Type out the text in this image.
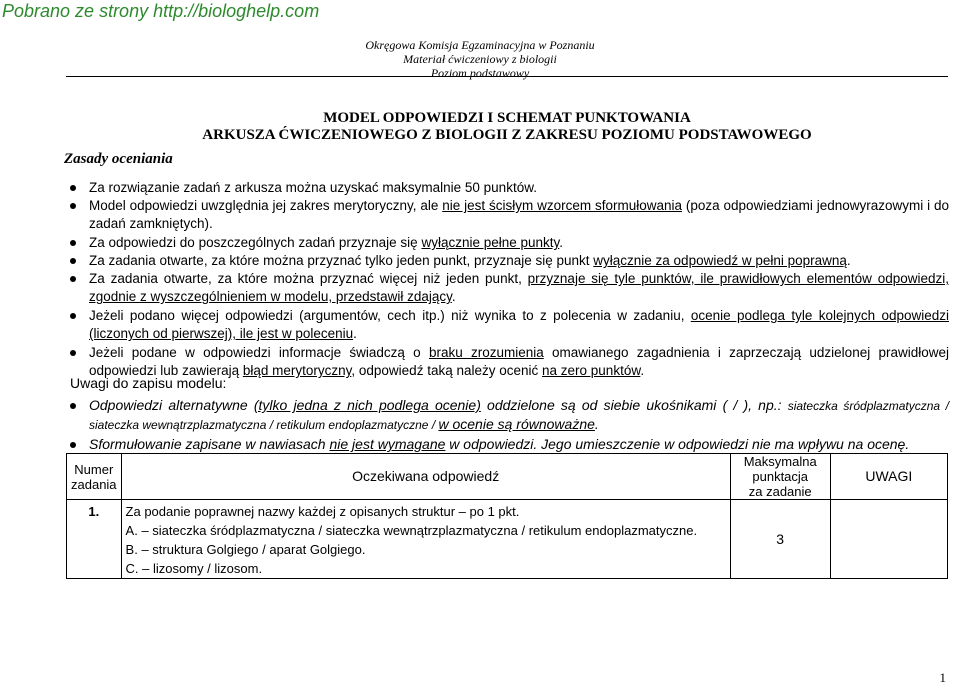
Pobrano ze strony http://biologhelp.com
Okręgowa Komisja Egzaminacyjna w Poznaniu
Materiał ćwiczeniowy z biologii
Poziom podstawowy
MODEL ODPOWIEDZI I SCHEMAT PUNKTOWANIA
ARKUSZA ĆWICZENIOWEGO Z BIOLOGII Z ZAKRESU POZIOMU PODSTAWOWEGO
Zasady oceniania
Za rozwiązanie zadań z arkusza można uzyskać maksymalnie 50 punktów.
Model odpowiedzi uwzględnia jej zakres merytoryczny, ale nie jest ścisłym wzorcem sformułowania (poza odpowiedziami jednowyrazowymi i do zadań zamkniętych).
Za odpowiedzi do poszczególnych zadań przyznaje się wyłącznie pełne punkty.
Za zadania otwarte, za które można przyznać tylko jeden punkt, przyznaje się punkt wyłącznie za odpowiedź w pełni poprawną.
Za zadania otwarte, za które można przyznać więcej niż jeden punkt, przyznaje się tyle punktów, ile prawidłowych elementów odpowiedzi, zgodnie z wyszczególnieniem w modelu, przedstawił zdający.
Jeżeli podano więcej odpowiedzi (argumentów, cech itp.) niż wynika to z polecenia w zadaniu, ocenie podlega tyle kolejnych odpowiedzi (liczonych od pierwszej), ile jest w poleceniu.
Jeżeli podane w odpowiedzi informacje świadczą o braku zrozumienia omawianego zagadnienia i zaprzeczają udzielonej prawidłowej odpowiedzi lub zawierają błąd merytoryczny, odpowiedź taką należy ocenić na zero punktów.
Uwagi do zapisu modelu:
Odpowiedzi alternatywne (tylko jedna z nich podlega ocenie) oddzielone są od siebie ukośnikami ( / ), np.: siateczka śródplazmatyczna / siateczka wewnątrzplazmatyczna / retikulum endoplazmatyczne / w ocenie są równoważne.
Sformułowanie zapisane w nawiasach nie jest wymagane w odpowiedzi. Jego umieszczenie w odpowiedzi nie ma wpływu na ocenę.
Numer
zadania	Oczekiwana odpowiedź	Maksymalna
punktacja
za zadanie	UWAGI
1.	Za podanie poprawnej nazwy każdej z opisanych struktur – po 1 pkt.
A. – siateczka śródplazmatyczna / siateczka wewnątrzplazmatyczna / retikulum endoplazmatyczne.
B. – struktura Golgiego / aparat Golgiego.
C. – lizosomy / lizosom.	3	
1
